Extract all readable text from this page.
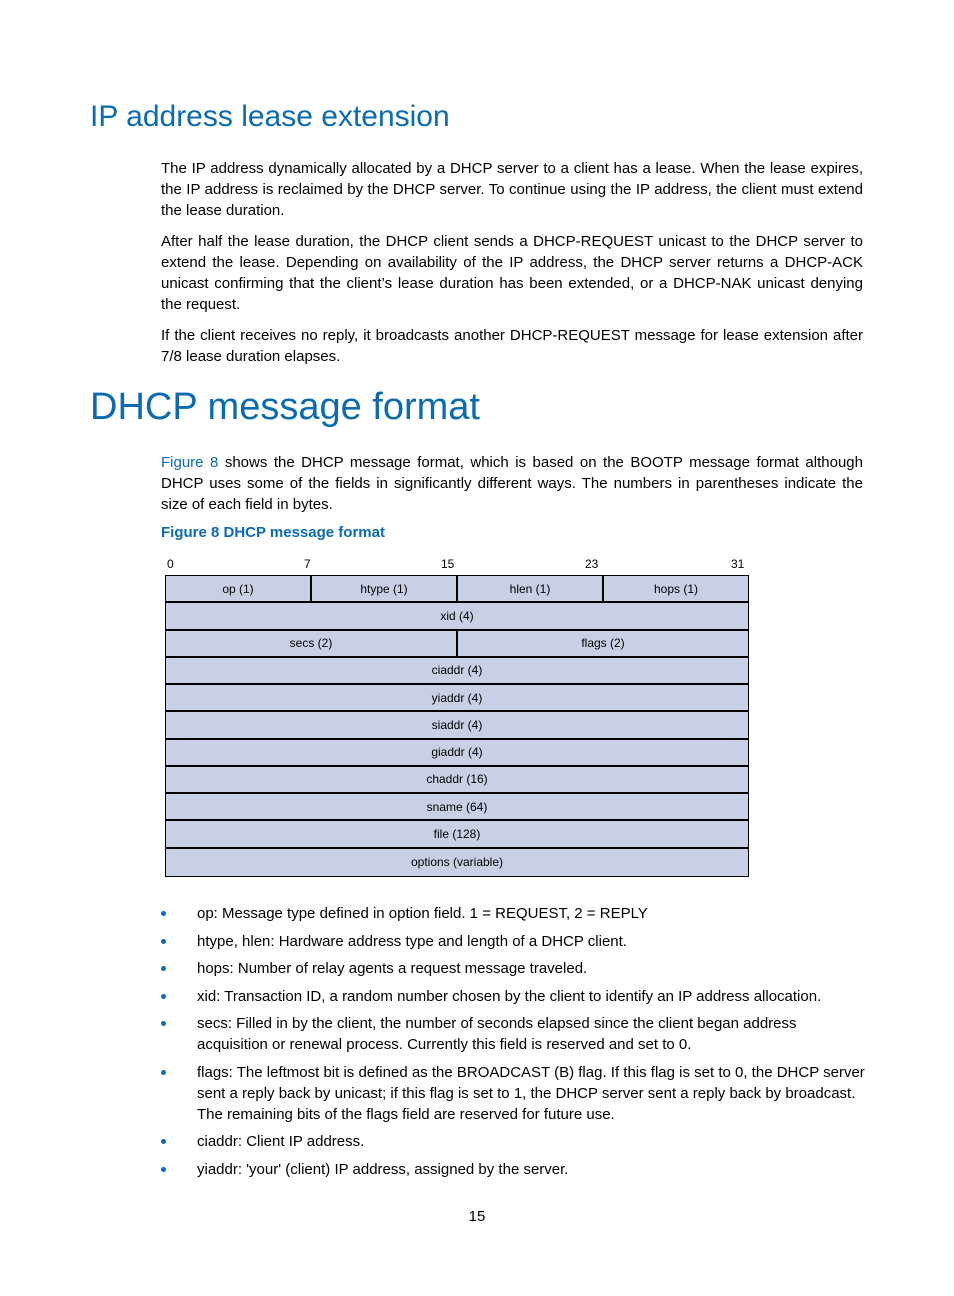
IP address lease extension

The IP address dynamically allocated by a DHCP server to a client has a lease. When the lease expires, the IP address is reclaimed by the DHCP server. To continue using the IP address, the client must extend the lease duration.

After half the lease duration, the DHCP client sends a DHCP-REQUEST unicast to the DHCP server to extend the lease. Depending on availability of the IP address, the DHCP server returns a DHCP-ACK unicast confirming that the client’s lease duration has been extended, or a DHCP-NAK unicast denying the request.

If the client receives no reply, it broadcasts another DHCP-REQUEST message for lease extension after 7/8 lease duration elapses.

DHCP message format

Figure 8 shows the DHCP message format, which is based on the BOOTP message format although DHCP uses some of the fields in significantly different ways. The numbers in parentheses indicate the size of each field in bytes.

Figure 8 DHCP message format

0	7	15	23	31
op (1)	htype (1)	hlen (1)	hops (1)
xid (4)
secs (2)	flags (2)
ciaddr (4)
yiaddr (4)
siaddr (4)
giaddr (4)
chaddr (16)
sname (64)
file (128)
options (variable)
op: Message type defined in option field. 1 = REQUEST, 2 = REPLY
htype, hlen: Hardware address type and length of a DHCP client.
hops: Number of relay agents a request message traveled.
xid: Transaction ID, a random number chosen by the client to identify an IP address allocation.
secs: Filled in by the client, the number of seconds elapsed since the client began address acquisition or renewal process. Currently this field is reserved and set to 0.
flags: The leftmost bit is defined as the BROADCAST (B) flag. If this flag is set to 0, the DHCP server sent a reply back by unicast; if this flag is set to 1, the DHCP server sent a reply back by broadcast. The remaining bits of the flags field are reserved for future use.
ciaddr: Client IP address.
yiaddr: 'your' (client) IP address, assigned by the server.
15
